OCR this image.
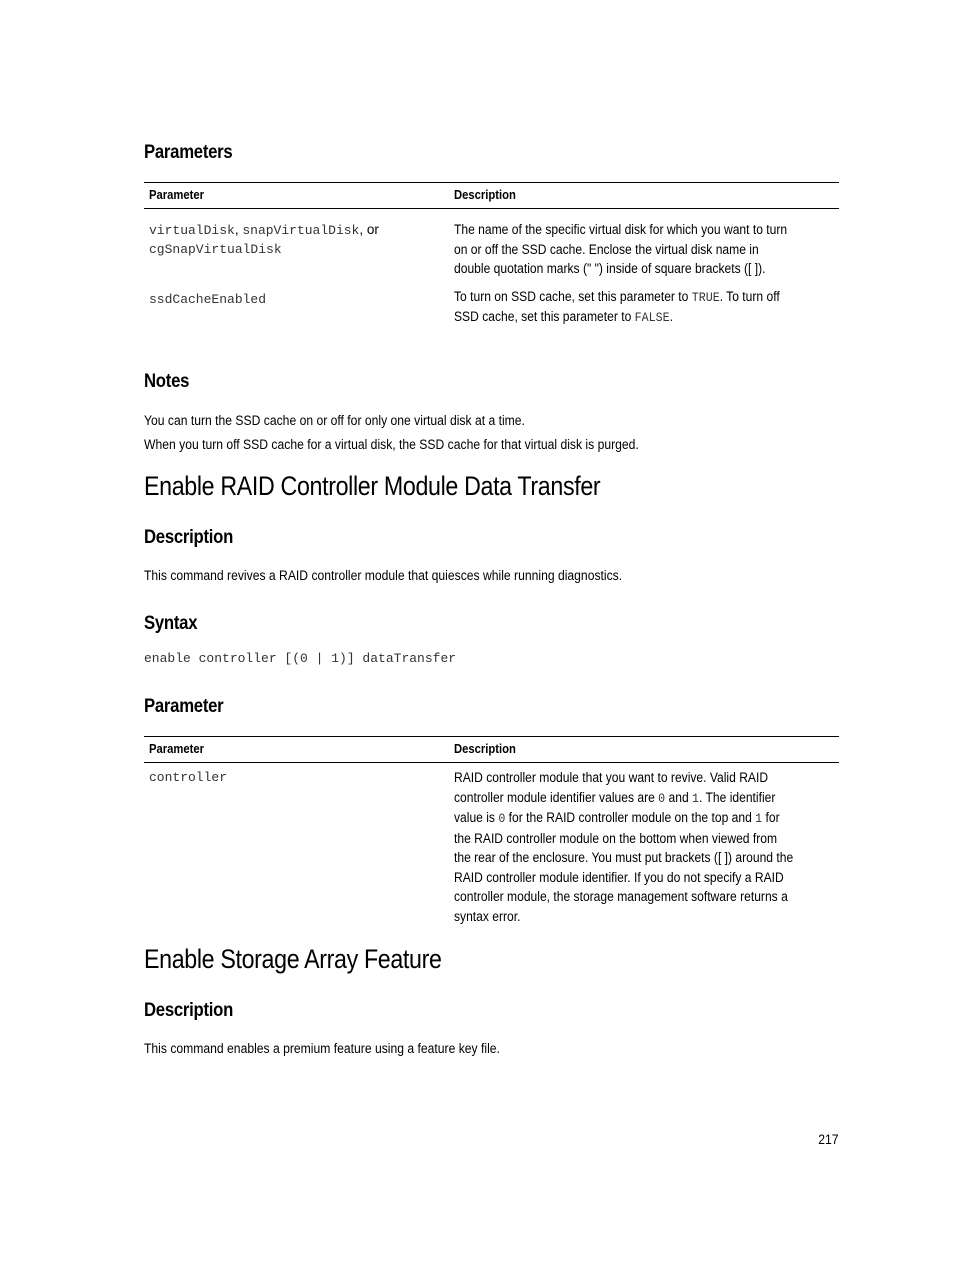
Parameters
Parameter	Description

virtualDisk, snapVirtualDisk, or
cgSnapVirtualDisk	The name of the specific virtual disk for which you want to turn on or off the SSD cache. Enclose the virtual disk name in double quotation marks (" ") inside of square brackets ([ ]).

ssdCacheEnabled	To turn on SSD cache, set this parameter to TRUE. To turn off SSD cache, set this parameter to FALSE.
Notes
You can turn the SSD cache on or off for only one virtual disk at a time.
When you turn off SSD cache for a virtual disk, the SSD cache for that virtual disk is purged.
Enable RAID Controller Module Data Transfer
Description
This command revives a RAID controller module that quiesces while running diagnostics.
Syntax
enable controller [(0 | 1)] dataTransfer
Parameter
Parameter	Description
controller	RAID controller module that you want to revive. Valid RAID controller module identifier values are 0 and 1. The identifier value is 0 for the RAID controller module on the top and 1 for the RAID controller module on the bottom when viewed from the rear of the enclosure. You must put brackets ([ ]) around the RAID controller module identifier. If you do not specify a RAID controller module, the storage management software returns a syntax error.
Enable Storage Array Feature
Description
This command enables a premium feature using a feature key file.
217
